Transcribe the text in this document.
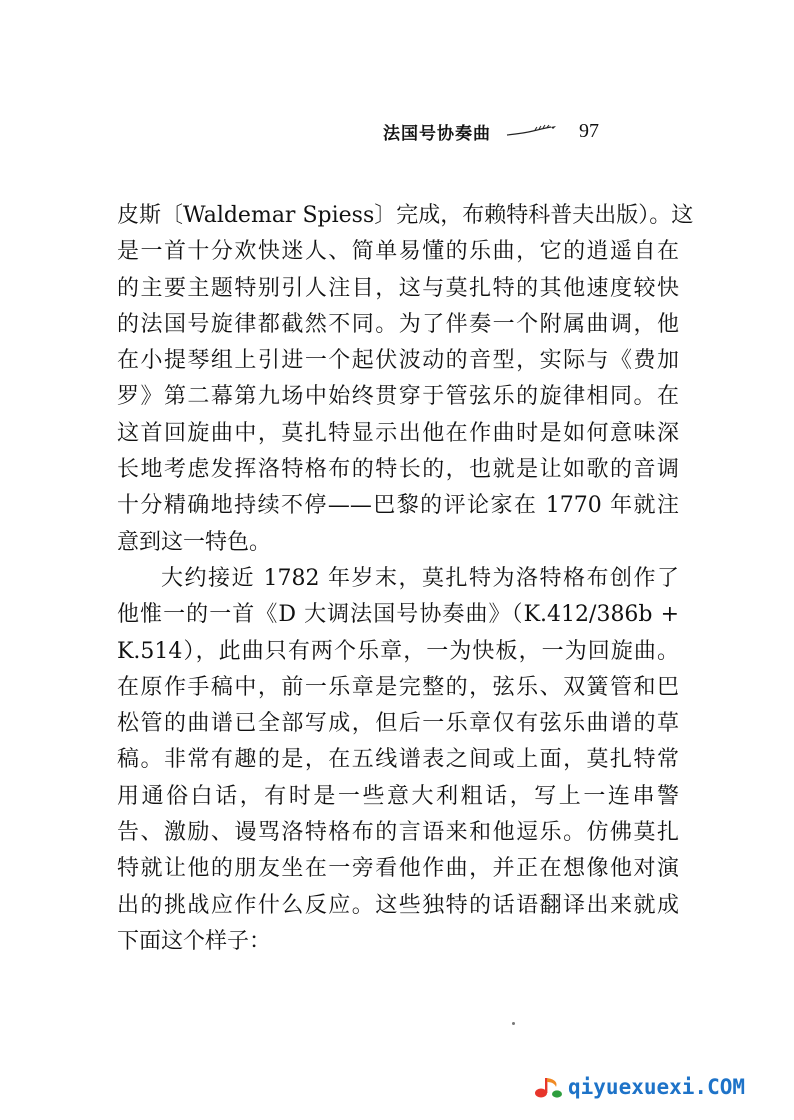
法国号协奏曲	97
皮斯〔Waldemar Spiess〕完成，布赖特科普夫出版）。这
是一首十分欢快迷人、简单易懂的乐曲，它的逍遥自在
的主要主题特别引人注目，这与莫扎特的其他速度较快
的法国号旋律都截然不同。为了伴奏一个附属曲调，他
在小提琴组上引进一个起伏波动的音型，实际与《费加
罗》第二幕第九场中始终贯穿于管弦乐的旋律相同。在
这首回旋曲中，莫扎特显示出他在作曲时是如何意味深
长地考虑发挥洛特格布的特长的，也就是让如歌的音调
十分精确地持续不停——巴黎的评论家在 1770 年就注
意到这一特色。
大约接近 1782 年岁末，莫扎特为洛特格布创作了
他惟一的一首《D 大调法国号协奏曲》（K.412/386b +
K.514），此曲只有两个乐章，一为快板，一为回旋曲。
在原作手稿中，前一乐章是完整的，弦乐、双簧管和巴
松管的曲谱已全部写成，但后一乐章仅有弦乐曲谱的草
稿。非常有趣的是，在五线谱表之间或上面，莫扎特常
用通俗白话，有时是一些意大利粗话，写上一连串警
告、激励、谩骂洛特格布的言语来和他逗乐。仿佛莫扎
特就让他的朋友坐在一旁看他作曲，并正在想像他对演
出的挑战应作什么反应。这些独特的话语翻译出来就成
下面这个样子：
qiyuexuexi.COM
